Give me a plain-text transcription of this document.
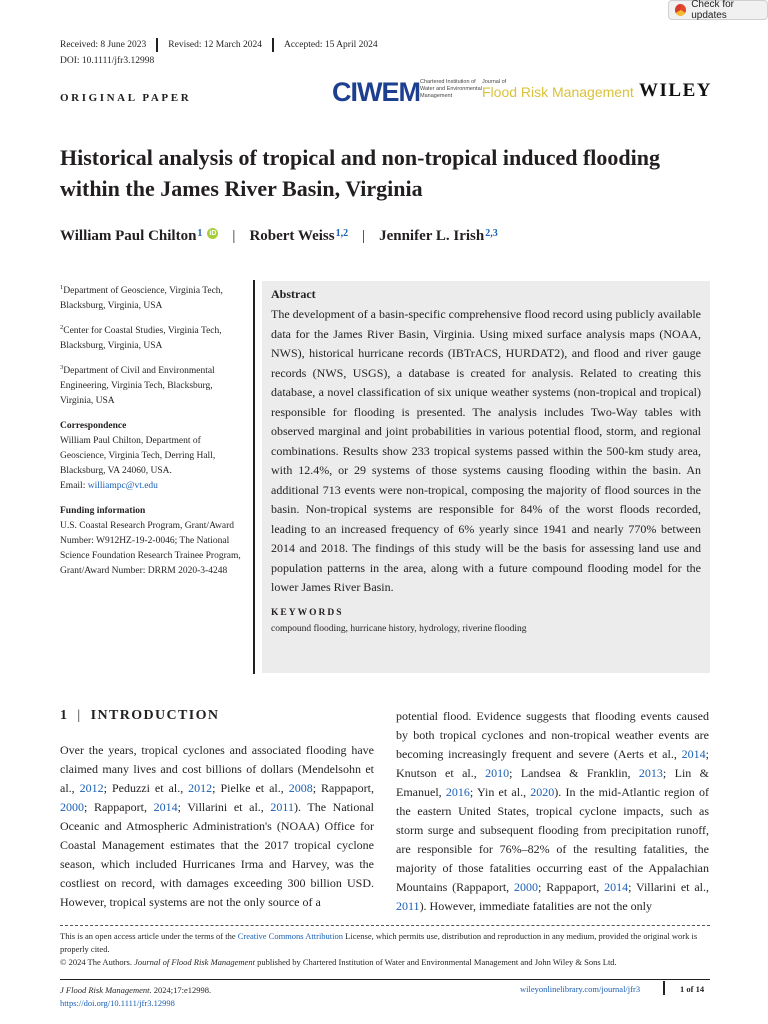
Check for updates
Received: 8 June 2023	Revised: 12 March 2024	Accepted: 15 April 2024
DOI: 10.1111/jfr3.12998
ORIGINAL PAPER	CIWEM Chartered Institution of Water and Environmental Management
Journal of
Flood Risk Management WILEY
Historical analysis of tropical and non-tropical induced flooding within the James River Basin, Virginia
William Paul Chilton$^1$ iD | Robert Weiss$^{1,2}$ | Jennifer L. Irish$^{2,3}$
$^1$Department of Geoscience, Virginia Tech, Blacksburg, Virginia, USA
$^2$Center for Coastal Studies, Virginia Tech, Blacksburg, Virginia, USA
$^3$Department of Civil and Environmental Engineering, Virginia Tech, Blacksburg, Virginia, USA
Correspondence
William Paul Chilton, Department of Geoscience, Virginia Tech, Derring Hall, Blacksburg, VA 24060, USA.
Email: williampc@vt.edu
Funding information
U.S. Coastal Research Program, Grant/Award Number: W912HZ-19-2-0046; The National Science Foundation Research Trainee Program, Grant/Award Number: DRRM 2020-3-4248
Abstract
The development of a basin-specific comprehensive flood record using publicly available data for the James River Basin, Virginia. Using mixed surface analysis maps (NOAA, NWS), historical hurricane records (IBTrACS, HURDAT2), and flood and river gauge records (NWS, USGS), a database is created for analysis. Related to creating this database, a novel classification of six unique weather systems (non-tropical and tropical) responsible for flooding is presented. The analysis includes Two-Way tables with observed marginal and joint probabilities in various potential flood, storm, and regional combinations. Results show 233 tropical systems passed within the 500-km study area, with 12.4%, or 29 systems of those systems causing flooding within the basin. An additional 713 events were non-tropical, composing the majority of flood sources in the basin. Non-tropical systems are responsible for 84% of the worst floods recorded, leading to an increased frequency of 6% yearly since 1941 and nearly 770% between 2014 and 2018. The findings of this study will be the basis for assessing land use and population patterns in the area, along with a future compound flooding model for the lower James River Basin.
KEYWORDS
compound flooding, hurricane history, hydrology, riverine flooding
1 | INTRODUCTION
Over the years, tropical cyclones and associated flooding have claimed many lives and cost billions of dollars (Mendelsohn et al., 2012; Peduzzi et al., 2012; Pielke et al., 2008; Rappaport, 2000; Rappaport, 2014; Villarini et al., 2011). The National Oceanic and Atmospheric Administration's (NOAA) Office for Coastal Management estimates that the 2017 tropical cyclone season, which included Hurricanes Irma and Harvey, was the costliest on record, with damages exceeding 300 billion USD. However, tropical systems are not the only source of a
potential flood. Evidence suggests that flooding events caused by both tropical cyclones and non-tropical weather events are becoming increasingly frequent and severe (Aerts et al., 2014; Knutson et al., 2010; Landsea & Franklin, 2013; Lin & Emanuel, 2016; Yin et al., 2020). In the mid-Atlantic region of the eastern United States, tropical cyclone impacts, such as storm surge and subsequent flooding from precipitation runoff, are responsible for 76%–82% of the resulting fatalities, the majority of those fatalities occurring east of the Appalachian Mountains (Rappaport, 2000; Rappaport, 2014; Villarini et al., 2011). However, immediate fatalities are not the only
This is an open access article under the terms of the Creative Commons Attribution License, which permits use, distribution and reproduction in any medium, provided the original work is properly cited.
© 2024 The Authors. Journal of Flood Risk Management published by Chartered Institution of Water and Environmental Management and John Wiley & Sons Ltd.
J Flood Risk Management. 2024;17:e12998.
https://doi.org/10.1111/jfr3.12998
wileyonlinelibrary.com/journal/jfr3	1 of 14
